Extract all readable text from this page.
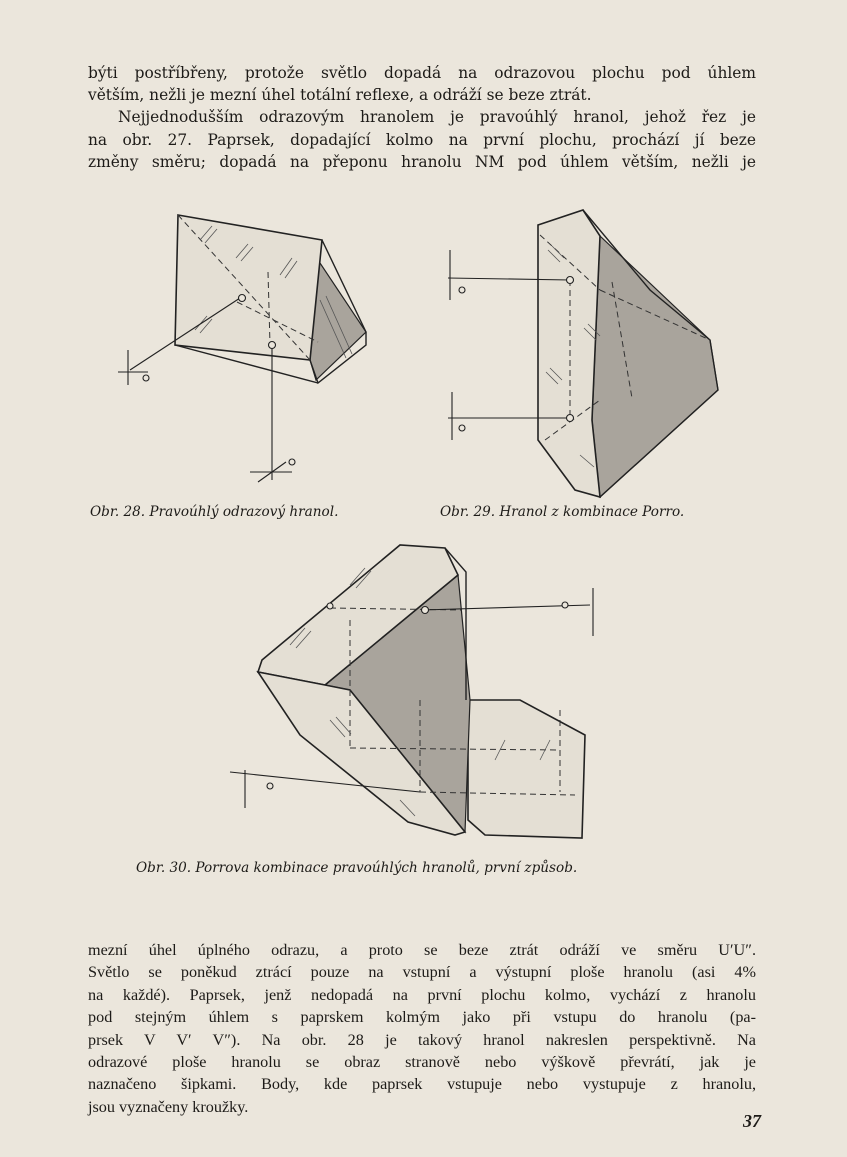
býti postříbřeny, protože světlo dopadá na odrazovou plochu pod úhlem
větším, nežli je mezní úhel totální reflexe, a odráží se beze ztrát.
Nejjednodušším odrazovým hranolem je pravoúhlý hranol, jehož řez je
na obr. 27. Paprsek, dopadající kolmo na první plochu, prochází jí beze
změny směru; dopadá na přeponu hranolu NM pod úhlem větším, nežli je

Obr. 28. Pravoúhlý odrazový hranol.	Obr. 29. Hranol z kombinace Porro.

Obr. 30. Porrova kombinace pravoúhlých hranolů, první způsob.

mezní úhel úplného odrazu, a proto se beze ztrát odráží ve směru U′U″.
Světlo se poněkud ztrácí pouze na vstupní a výstupní ploše hranolu (asi 4%
na každé). Paprsek, jenž nedopadá na první plochu kolmo, vychází z hranolu
pod stejným úhlem s paprskem kolmým jako při vstupu do hranolu (pa-
prsek V V′ V″). Na obr. 28 je takový hranol nakreslen perspektivně. Na
odrazové ploše hranolu se obraz stranově nebo výškově převrátí, jak je
naznačeno šipkami. Body, kde paprsek vstupuje nebo vystupuje z hranolu,
jsou vyznačeny kroužky.
37
